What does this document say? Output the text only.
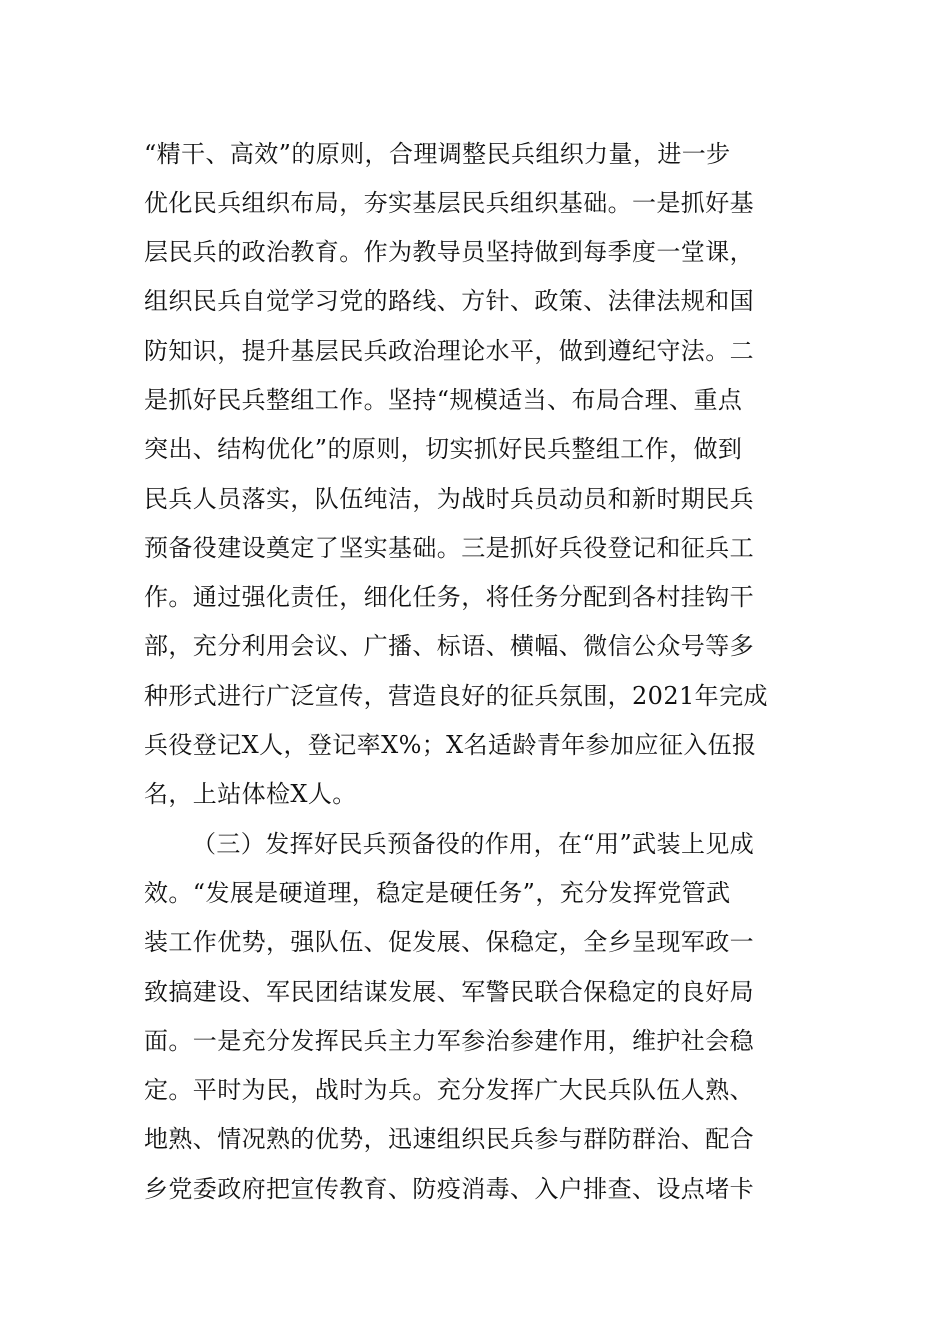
“精干、高效”的原则，合理调整民兵组织力量，进一步
优化民兵组织布局，夯实基层民兵组织基础。一是抓好基
层民兵的政治教育。作为教导员坚持做到每季度一堂课，
组织民兵自觉学习党的路线、方针、政策、法律法规和国
防知识，提升基层民兵政治理论水平，做到遵纪守法。二
是抓好民兵整组工作。坚持“规模适当、布局合理、重点
突出、结构优化”的原则，切实抓好民兵整组工作，做到
民兵人员落实，队伍纯洁，为战时兵员动员和新时期民兵
预备役建设奠定了坚实基础。三是抓好兵役登记和征兵工
作。通过强化责任，细化任务，将任务分配到各村挂钩干
部，充分利用会议、广播、标语、横幅、微信公众号等多
种形式进行广泛宣传，营造良好的征兵氛围，2021年完成
兵役登记X人，登记率X%；X名适龄青年参加应征入伍报
名，上站体检X人。
（三）发挥好民兵预备役的作用，在“用”武装上见成
效。“发展是硬道理，稳定是硬任务”，充分发挥党管武
装工作优势，强队伍、促发展、保稳定，全乡呈现军政一
致搞建设、军民团结谋发展、军警民联合保稳定的良好局
面。一是充分发挥民兵主力军参治参建作用，维护社会稳
定。平时为民，战时为兵。充分发挥广大民兵队伍人熟、
地熟、情况熟的优势，迅速组织民兵参与群防群治、配合
乡党委政府把宣传教育、防疫消毒、入户排查、设点堵卡
